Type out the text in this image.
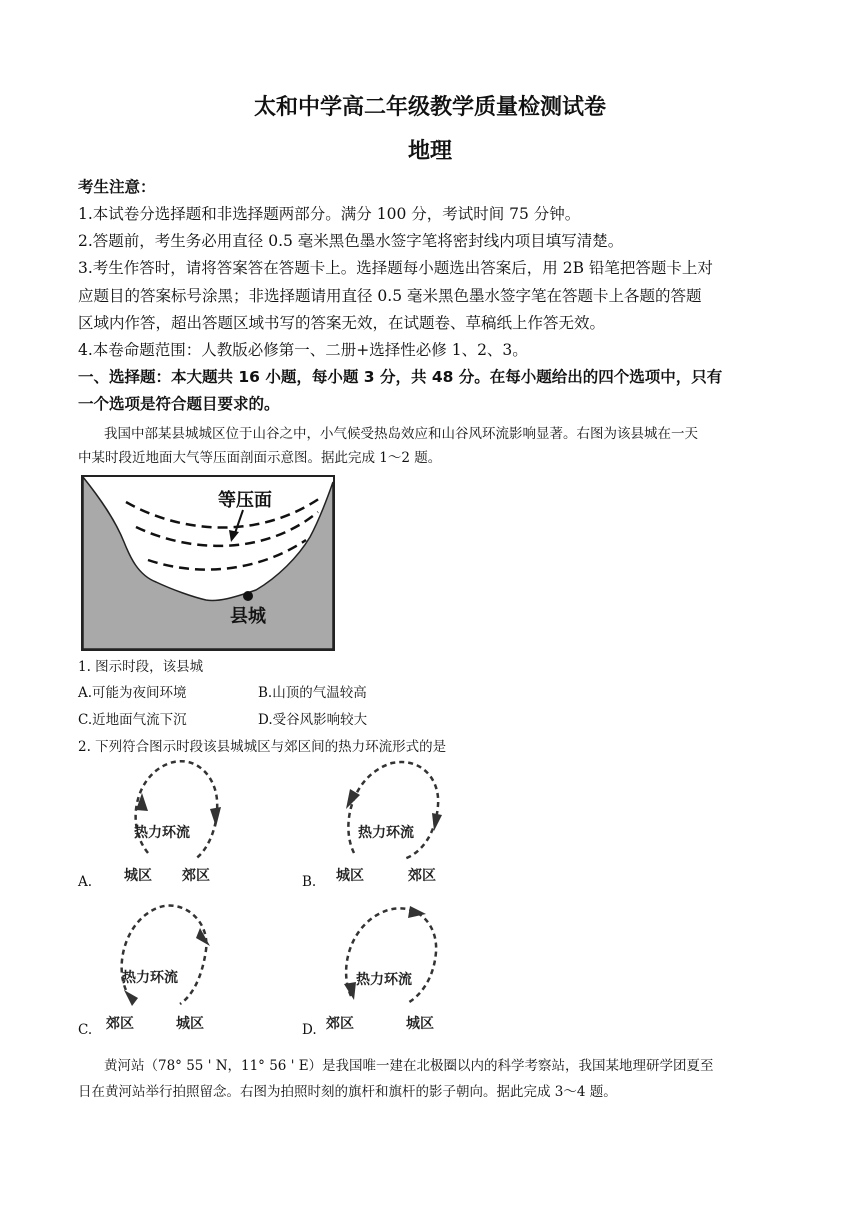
太和中学高二年级教学质量检测试卷
地理
考生注意：
1.本试卷分选择题和非选择题两部分。满分 100 分，考试时间 75 分钟。
2.答题前，考生务必用直径 0.5 毫米黑色墨水签字笔将密封线内项目填写清楚。
3.考生作答时，请将答案答在答题卡上。选择题每小题选出答案后，用 2B 铅笔把答题卡上对
应题目的答案标号涂黑；非选择题请用直径 0.5 毫米黑色墨水签字笔在答题卡上各题的答题
区域内作答，超出答题区域书写的答案无效，在试题卷、草稿纸上作答无效。
4.本卷命题范围：人教版必修第一、二册+选择性必修 1、2、3。
一、选择题：本大题共 16 小题，每小题 3 分，共 48 分。在每小题给出的四个选项中，只有
一个选项是符合题目要求的。
我国中部某县城城区位于山谷之中，小气候受热岛效应和山谷风环流影响显著。右图为该县城在一天
中某时段近地面大气等压面剖面示意图。据此完成 1～2 题。
等压面
县城
1. 图示时段，该县城
A.可能为夜间环境	B.山顶的气温较高
C.近地面气流下沉	D.受谷风影响较大
2. 下列符合图示时段该县城城区与郊区间的热力环流形式的是
A.
热力环流
城区 郊区	B.
热力环流
城区	郊区
C.
热力环流
郊区	城区	D.
热力环流
郊区	城区
黄河站（78° 55 ' N，11° 56 ' E）是我国唯一建在北极圈以内的科学考察站，我国某地理研学团夏至
日在黄河站举行拍照留念。右图为拍照时刻的旗杆和旗杆的影子朝向。据此完成 3～4 题。
